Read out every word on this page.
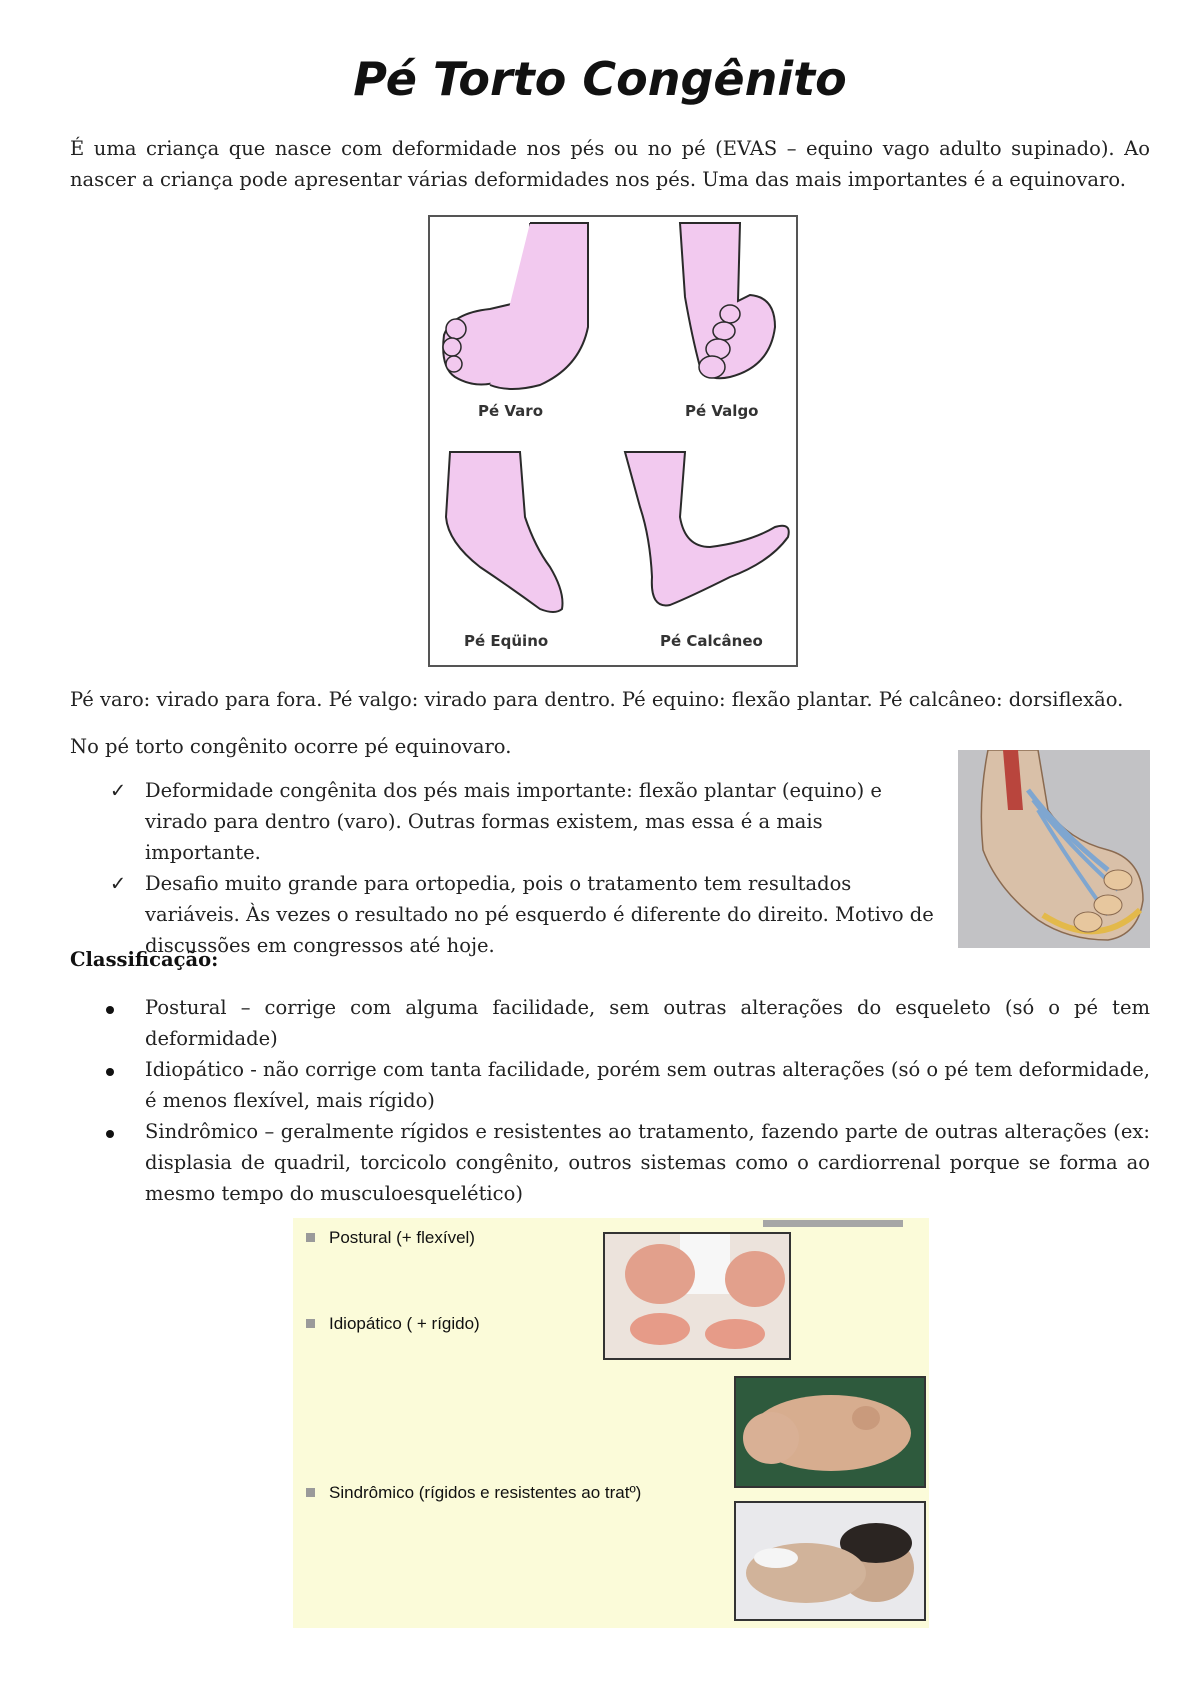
Pé Torto Congênito

É uma criança que nasce com deformidade nos pés ou no pé (EVAS – equino vago adulto supinado). Ao nascer a criança pode apresentar várias deformidades nos pés. Uma das mais importantes é a equinovaro.

Pé Varo	Pé Valgo
Pé Eqüino	Pé Calcâneo

Pé varo: virado para fora. Pé valgo: virado para dentro. Pé equino: flexão plantar. Pé calcâneo: dorsiflexão.

No pé torto congênito ocorre pé equinovaro.

✓ Deformidade congênita dos pés mais importante: flexão plantar (equino) e virado para dentro (varo). Outras formas existem, mas essa é a mais importante.
✓ Desafio muito grande para ortopedia, pois o tratamento tem resultados variáveis. Às vezes o resultado no pé esquerdo é diferente do direito. Motivo de discussões em congressos até hoje.
Classificação:
Postural – corrige com alguma facilidade, sem outras alterações do esqueleto (só o pé tem deformidade)
Idiopático - não corrige com tanta facilidade, porém sem outras alterações (só o pé tem deformidade, é menos flexível, mais rígido)
Sindrômico – geralmente rígidos e resistentes ao tratamento, fazendo parte de outras alterações (ex: displasia de quadril, torcicolo congênito, outros sistemas como o cardiorrenal porque se forma ao mesmo tempo do musculoesquelético)
Postural (+ flexível)
Idiopático ( + rígido)
Sindrômico (rígidos e resistentes ao tratº)
